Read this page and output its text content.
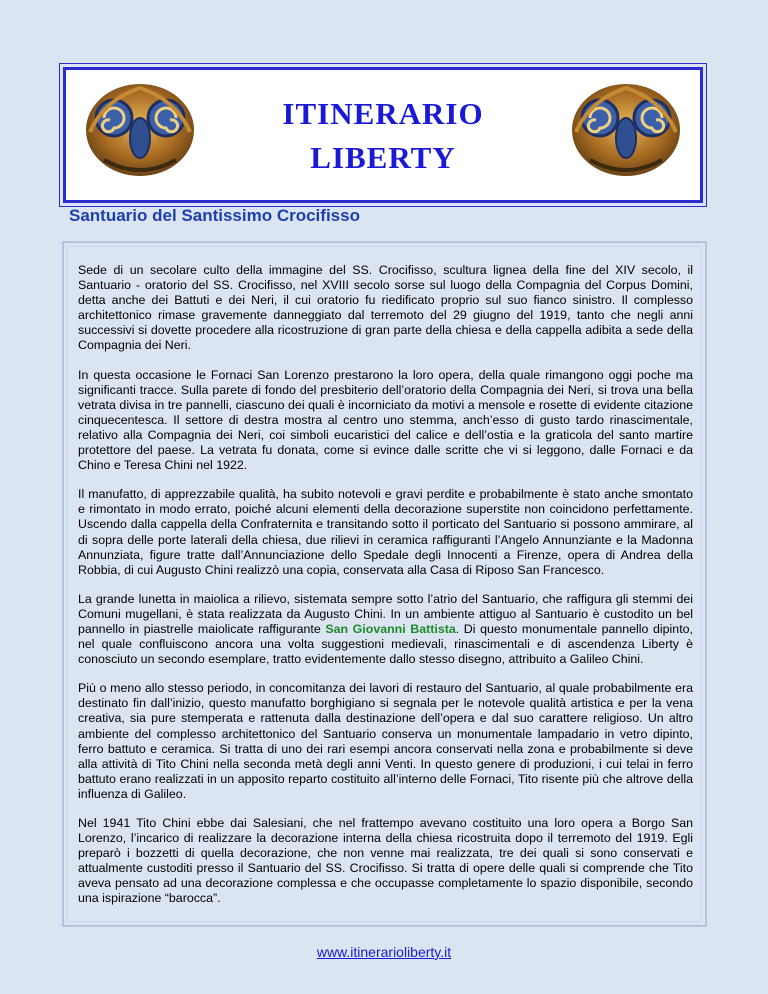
ITINERARIO
LIBERTY
Santuario del Santissimo Crocifisso

Sede di un secolare culto della immagine del SS. Crocifisso, scultura lignea della fine del XIV secolo, il Santuario - oratorio del SS. Crocifisso, nel XVIII secolo sorse sul luogo della Compagnia del Corpus Domini, detta anche dei Battuti e dei Neri, il cui oratorio fu riedificato proprio sul suo fianco sinistro. Il complesso architettonico rimase gravemente danneggiato dal terremoto del 29 giugno del 1919, tanto che negli anni successivi si dovette procedere alla ricostruzione di gran parte della chiesa e della cappella adibita a sede della Compagnia dei Neri.

In questa occasione le Fornaci San Lorenzo prestarono la loro opera, della quale rimangono oggi poche ma significanti tracce. Sulla parete di fondo del presbiterio dell’oratorio della Compagnia dei Neri, si trova una bella vetrata divisa in tre pannelli, ciascuno dei quali è incorniciato da motivi a mensole e rosette di evidente citazione cinquecentesca. Il settore di destra mostra al centro uno stemma, anch’esso di gusto tardo rinascimentale, relativo alla Compagnia dei Neri, coi simboli eucaristici del calice e dell’ostia e la graticola del santo martire protettore del paese. La vetrata fu donata, come si evince dalle scritte che vi si leggono, dalle Fornaci e da Chino e Teresa Chini nel 1922.

Il manufatto, di apprezzabile qualità, ha subito notevoli e gravi perdite e probabilmente è stato anche smontato e rimontato in modo errato, poiché alcuni elementi della decorazione superstite non coincidono perfettamente. Uscendo dalla cappella della Confraternita e transitando sotto il porticato del Santuario si possono ammirare, al di sopra delle porte laterali della chiesa, due rilievi in ceramica raffiguranti l’Angelo Annunziante e la Madonna Annunziata, figure tratte dall’Annunciazione dello Spedale degli Innocenti a Firenze, opera di Andrea della Robbia, di cui Augusto Chini realizzò una copia, conservata alla Casa di Riposo San Francesco.

La grande lunetta in maiolica a rilievo, sistemata sempre sotto l’atrio del Santuario, che raffigura gli stemmi dei Comuni mugellani, è stata realizzata da Augusto Chini. In un ambiente attiguo al Santuario è custodito un bel pannello in piastrelle maiolicate raffigurante San Giovanni Battista. Di questo monumentale pannello dipinto, nel quale confluiscono ancora una volta suggestioni medievali, rinascimentali e di ascendenza Liberty è conosciuto un secondo esemplare, tratto evidentemente dallo stesso disegno, attribuito a Galileo Chini.

Più o meno allo stesso periodo, in concomitanza dei lavori di restauro del Santuario, al quale probabilmente era destinato fin dall’inizio, questo manufatto borghigiano si segnala per le notevole qualità artistica e per la vena creativa, sia pure stemperata e rattenuta dalla destinazione dell’opera e dal suo carattere religioso. Un altro ambiente del complesso architettonico del Santuario conserva un monumentale lampadario in vetro dipinto, ferro battuto e ceramica. Si tratta di uno dei rari esempi ancora conservati nella zona e probabilmente si deve alla attività di Tito Chini nella seconda metà degli anni Venti. In questo genere di produzioni, i cui telai in ferro battuto erano realizzati in un apposito reparto costituito all’interno delle Fornaci, Tito risente più che altrove della influenza di Galileo.

Nel 1941 Tito Chini ebbe dai Salesiani, che nel frattempo avevano costituito una loro opera a Borgo San Lorenzo, l’incarico di realizzare la decorazione interna della chiesa ricostruita dopo il terremoto del 1919. Egli preparò i bozzetti di quella decorazione, che non venne mai realizzata, tre dei quali si sono conservati e attualmente custoditi presso il Santuario del SS. Crocifisso. Si tratta di opere delle quali si comprende che Tito aveva pensato ad una decorazione complessa e che occupasse completamente lo spazio disponibile, secondo una ispirazione “barocca”.

www.itinerarioliberty.it
